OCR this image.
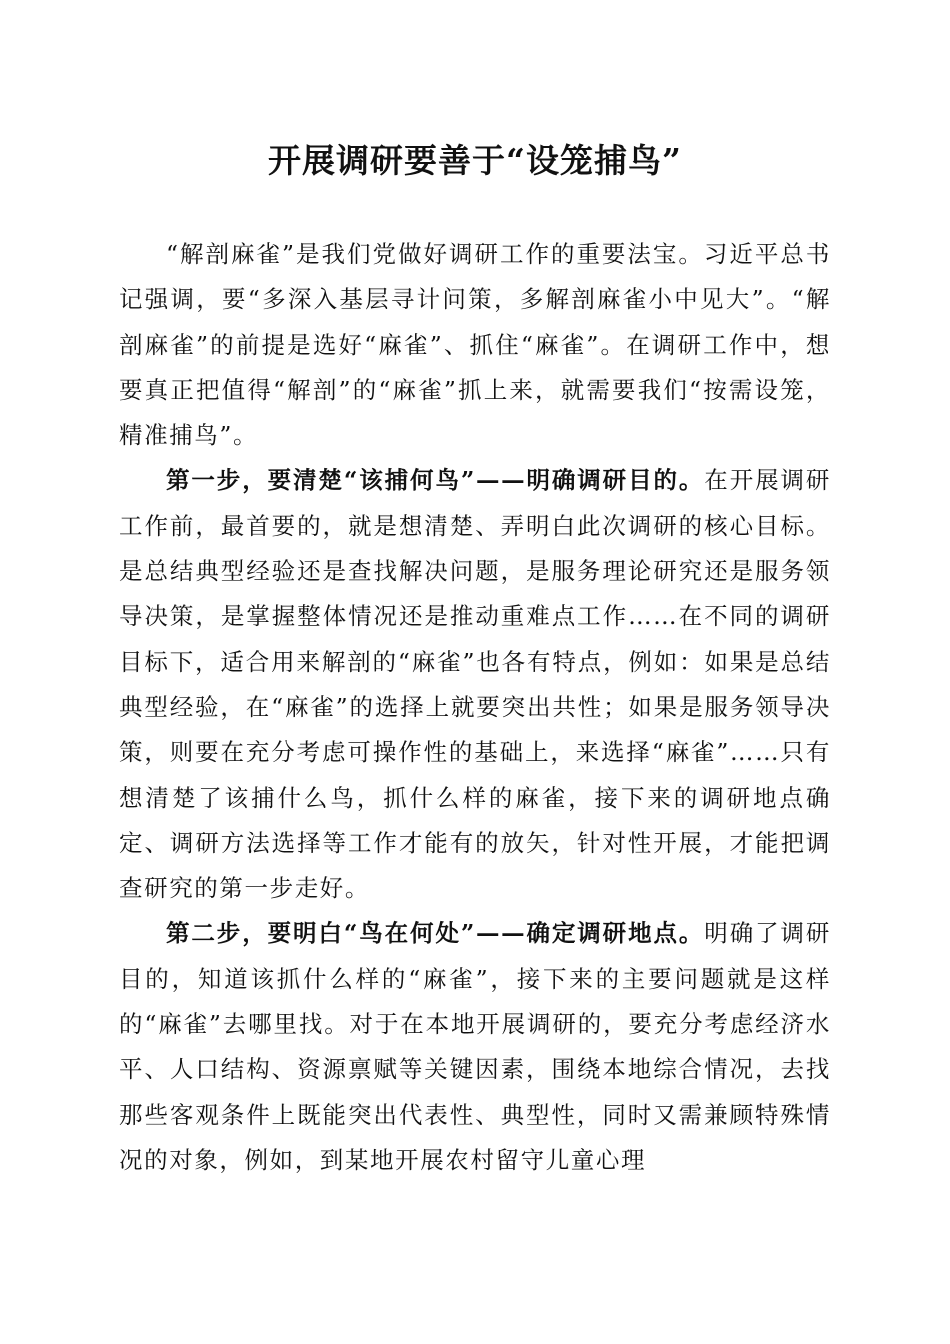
开展调研要善于“设笼捕鸟”

“解剖麻雀”是我们党做好调研工作的重要法宝。习近平总书记强调，要“多深入基层寻计问策，多解剖麻雀小中见大”。“解剖麻雀”的前提是选好“麻雀”、抓住“麻雀”。在调研工作中，想要真正把值得“解剖”的“麻雀”抓上来，就需要我们“按需设笼，精准捕鸟”。

第一步，要清楚“该捕何鸟”——明确调研目的。在开展调研工作前，最首要的，就是想清楚、弄明白此次调研的核心目标。是总结典型经验还是查找解决问题，是服务理论研究还是服务领导决策，是掌握整体情况还是推动重难点工作……在不同的调研目标下，适合用来解剖的“麻雀”也各有特点，例如：如果是总结典型经验，在“麻雀”的选择上就要突出共性；如果是服务领导决策，则要在充分考虑可操作性的基础上，来选择“麻雀”……只有想清楚了该捕什么鸟，抓什么样的麻雀，接下来的调研地点确定、调研方法选择等工作才能有的放矢，针对性开展，才能把调查研究的第一步走好。

第二步，要明白“鸟在何处”——确定调研地点。明确了调研目的，知道该抓什么样的“麻雀”，接下来的主要问题就是这样的“麻雀”去哪里找。对于在本地开展调研的，要充分考虑经济水平、人口结构、资源禀赋等关键因素，围绕本地综合情况，去找那些客观条件上既能突出代表性、典型性，同时又需兼顾特殊情况的对象，例如，到某地开展农村留守儿童心理
